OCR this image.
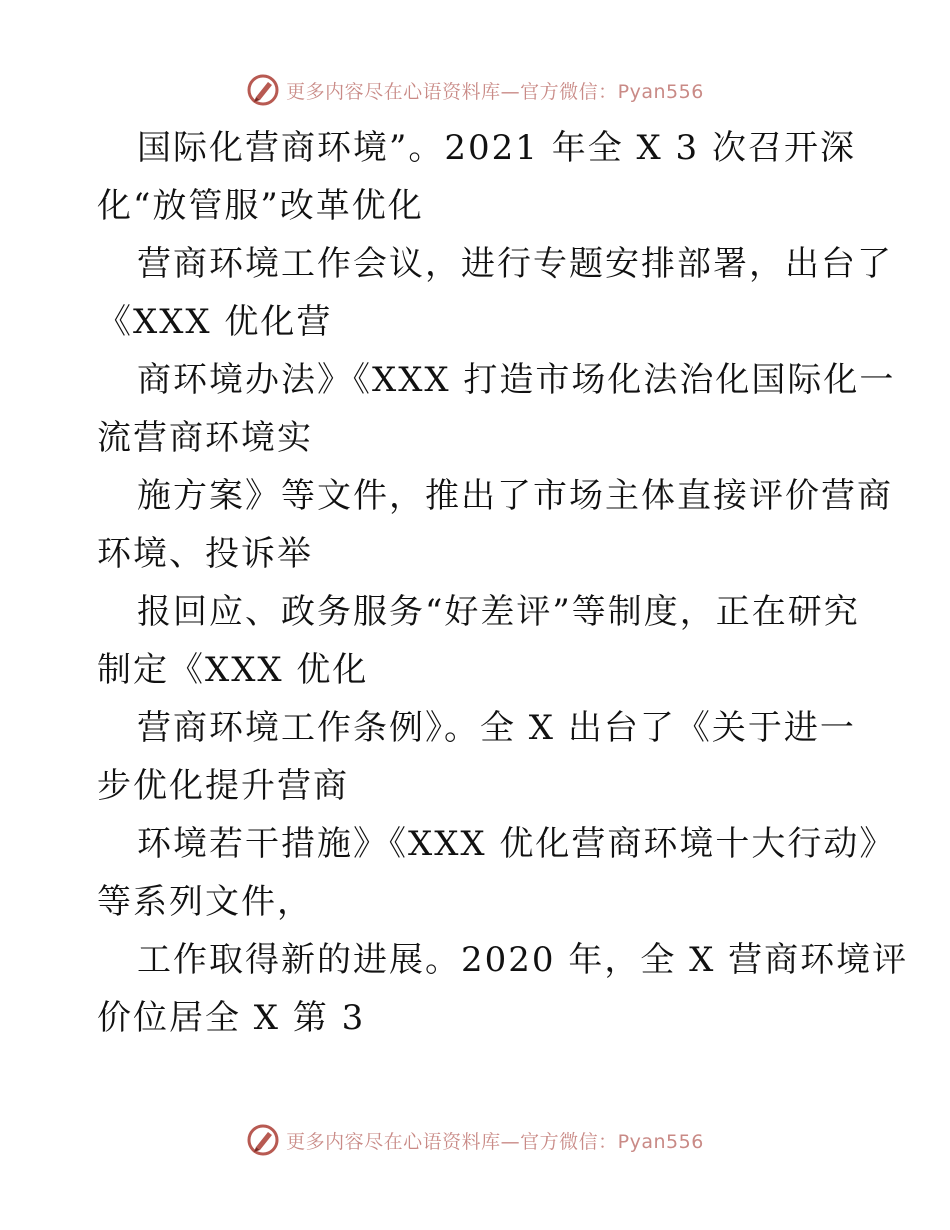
更多内容尽在心语资料库—官方微信：Pyan556
国际化营商环境”。2021 年全 X 3 次召开深
化“放管服”改革优化
营商环境工作会议，进行专题安排部署，出台了
《XXX 优化营
商环境办法》《XXX 打造市场化法治化国际化一
流营商环境实
施方案》等文件，推出了市场主体直接评价营商
环境、投诉举
报回应、政务服务“好差评”等制度，正在研究
制定《XXX 优化
营商环境工作条例》。全 X 出台了《关于进一
步优化提升营商
环境若干措施》《XXX 优化营商环境十大行动》
等系列文件，
工作取得新的进展。2020 年，全 X 营商环境评
价位居全 X 第 3
更多内容尽在心语资料库—官方微信：Pyan556
